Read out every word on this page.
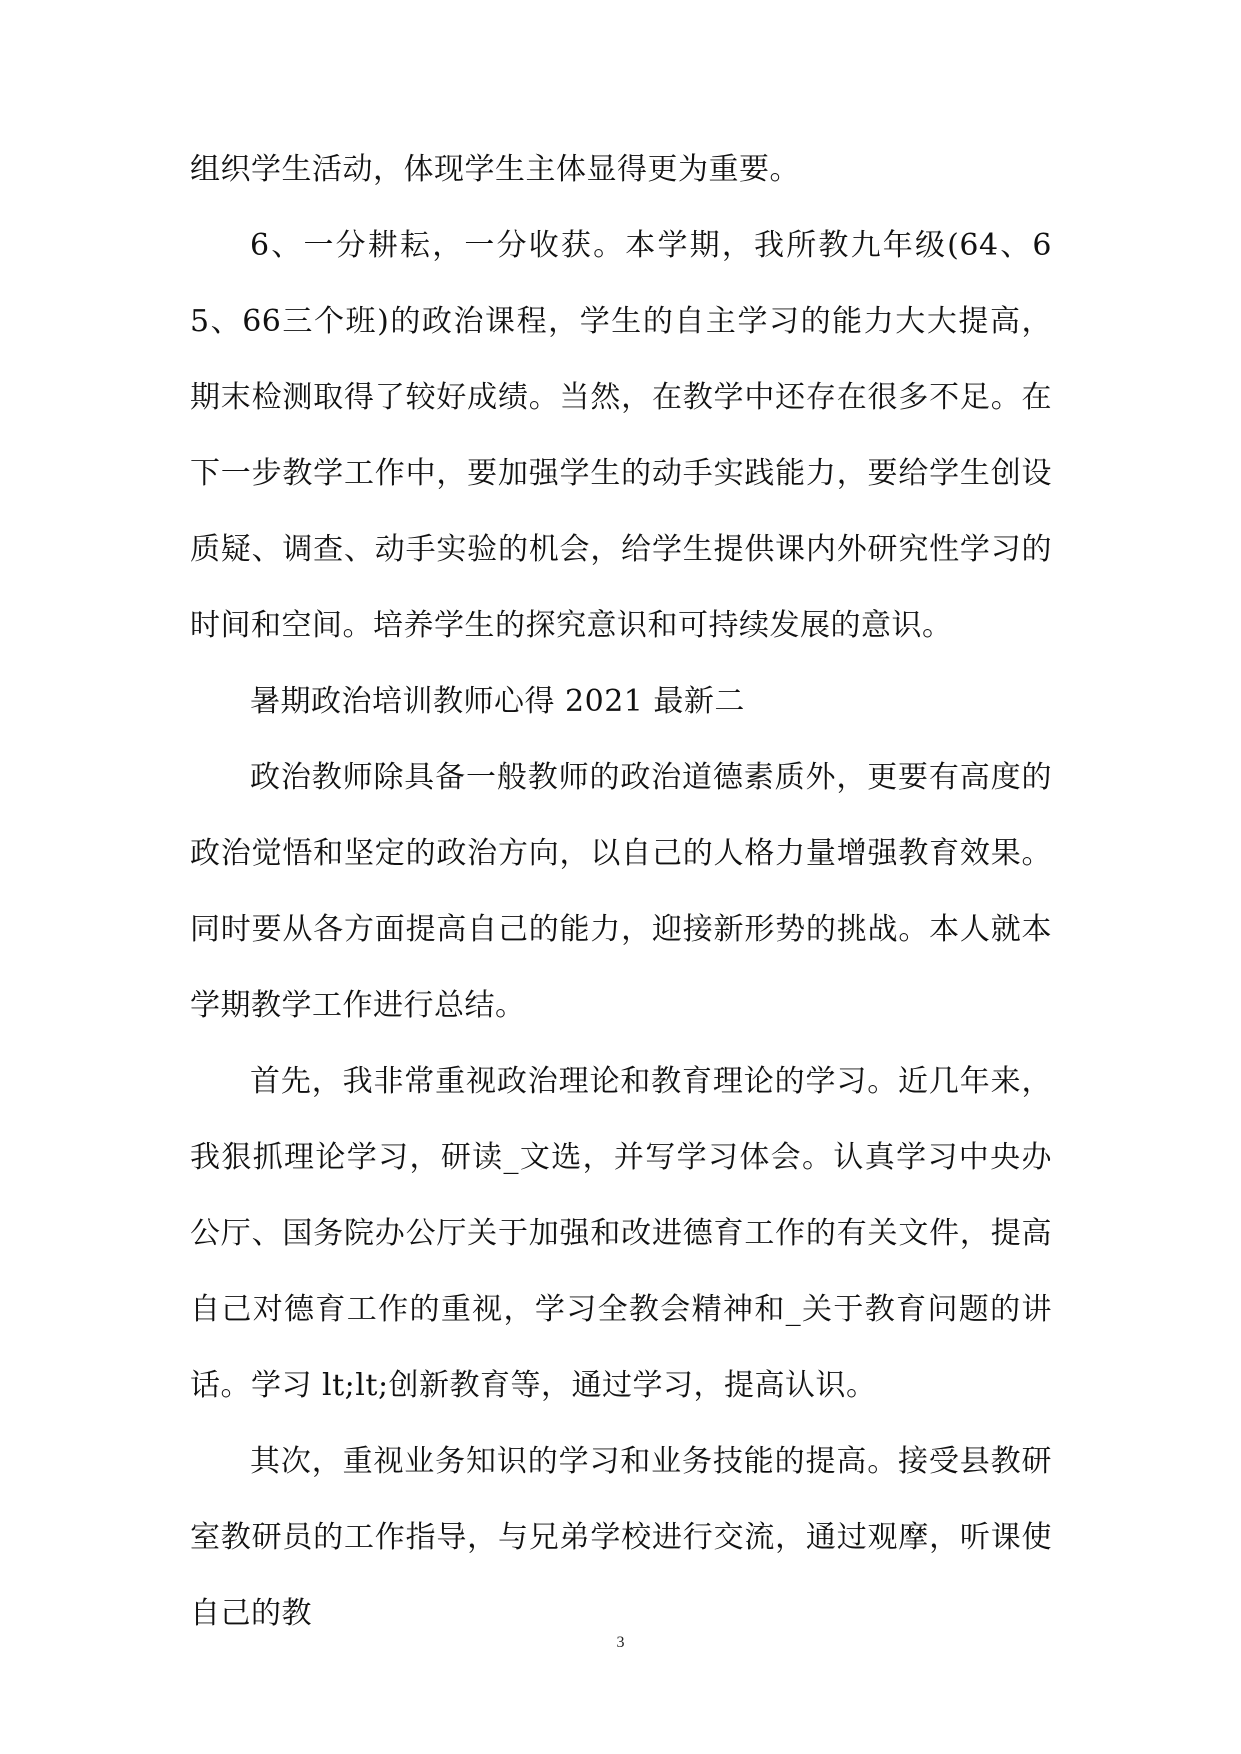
组织学生活动，体现学生主体显得更为重要。

6、一分耕耘，一分收获。本学期，我所教九年级(64、65、66三个班)的政治课程，学生的自主学习的能力大大提高，期末检测取得了较好成绩。当然，在教学中还存在很多不足。在下一步教学工作中，要加强学生的动手实践能力，要给学生创设质疑、调查、动手实验的机会，给学生提供课内外研究性学习的时间和空间。培养学生的探究意识和可持续发展的意识。

暑期政治培训教师心得 2021 最新二

政治教师除具备一般教师的政治道德素质外，更要有高度的政治觉悟和坚定的政治方向，以自己的人格力量增强教育效果。同时要从各方面提高自己的能力，迎接新形势的挑战。本人就本学期教学工作进行总结。

首先，我非常重视政治理论和教育理论的学习。近几年来，我狠抓理论学习，研读_文选，并写学习体会。认真学习中央办公厅、国务院办公厅关于加强和改进德育工作的有关文件，提高自己对德育工作的重视，学习全教会精神和_关于教育问题的讲话。学习 lt;lt;创新教育等，通过学习，提高认识。

其次，重视业务知识的学习和业务技能的提高。接受县教研室教研员的工作指导，与兄弟学校进行交流，通过观摩，听课使自己的教

3
